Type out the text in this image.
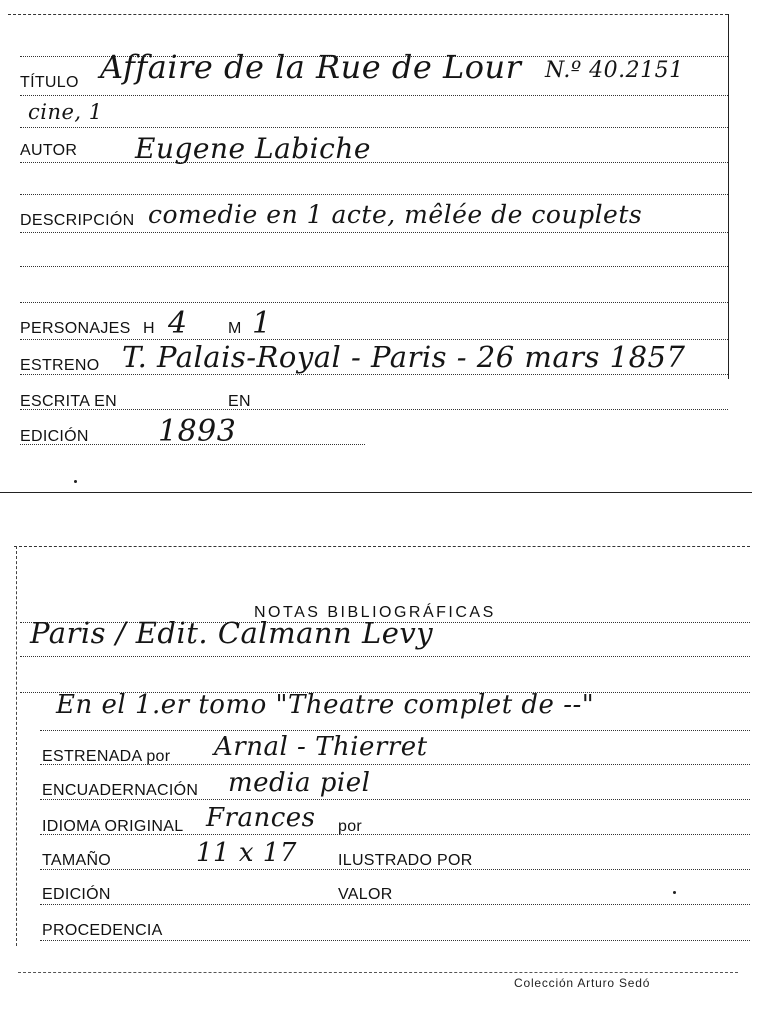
TÍTULO Affaire de la Rue de Lour N.º 40.2151
cine, 1
AUTOR Eugene Labiche
DESCRIPCIÓN comedie en 1 acte, mêlée de couplets
PERSONAJES H 4	M 1
ESTRENO T. Palais-Royal - Paris - 26 mars 1857
ESCRITA EN	EN
EDICIÓN 1893
NOTAS BIBLIOGRÁFICAS
Paris / Edit. Calmann Levy
En el 1.er tomo "Theatre complet de --"
ESTRENADA por Arnal - Thierret
ENCUADERNACIÓN media piel
IDIOMA ORIGINAL Frances por
TAMAÑO	11 x 17	ILUSTRADO POR
EDICIÓN	VALOR
PROCEDENCIA
Colección Arturo Sedó
